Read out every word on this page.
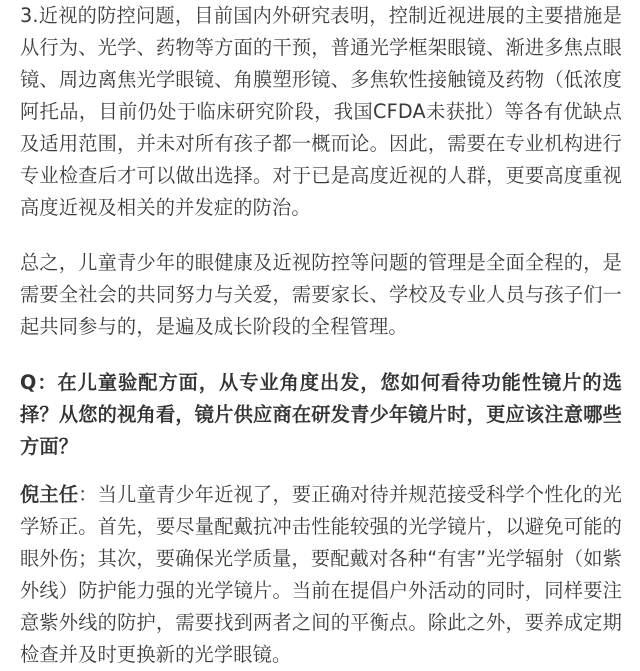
3.近视的防控问题，目前国内外研究表明，控制近视进展的主要措施是从行为、光学、药物等方面的干预，普通光学框架眼镜、渐进多焦点眼镜、周边离焦光学眼镜、角膜塑形镜、多焦软性接触镜及药物（低浓度阿托品，目前仍处于临床研究阶段，我国CFDA未获批）等各有优缺点及适用范围，并未对所有孩子都一概而论。因此，需要在专业机构进行专业检查后才可以做出选择。对于已是高度近视的人群，更要高度重视高度近视及相关的并发症的防治。

总之，儿童青少年的眼健康及近视防控等问题的管理是全面全程的，是需要全社会的共同努力与关爱，需要家长、学校及专业人员与孩子们一起共同参与的，是遍及成长阶段的全程管理。

Q：在儿童验配方面，从专业角度出发，您如何看待功能性镜片的选择？从您的视角看，镜片供应商在研发青少年镜片时，更应该注意哪些方面？

倪主任：当儿童青少年近视了，要正确对待并规范接受科学个性化的光学矫正。首先，要尽量配戴抗冲击性能较强的光学镜片，以避免可能的眼外伤；其次，要确保光学质量，要配戴对各种“有害”光学辐射（如紫外线）防护能力强的光学镜片。当前在提倡户外活动的同时，同样要注意紫外线的防护，需要找到两者之间的平衡点。除此之外，要养成定期检查并及时更换新的光学眼镜。
